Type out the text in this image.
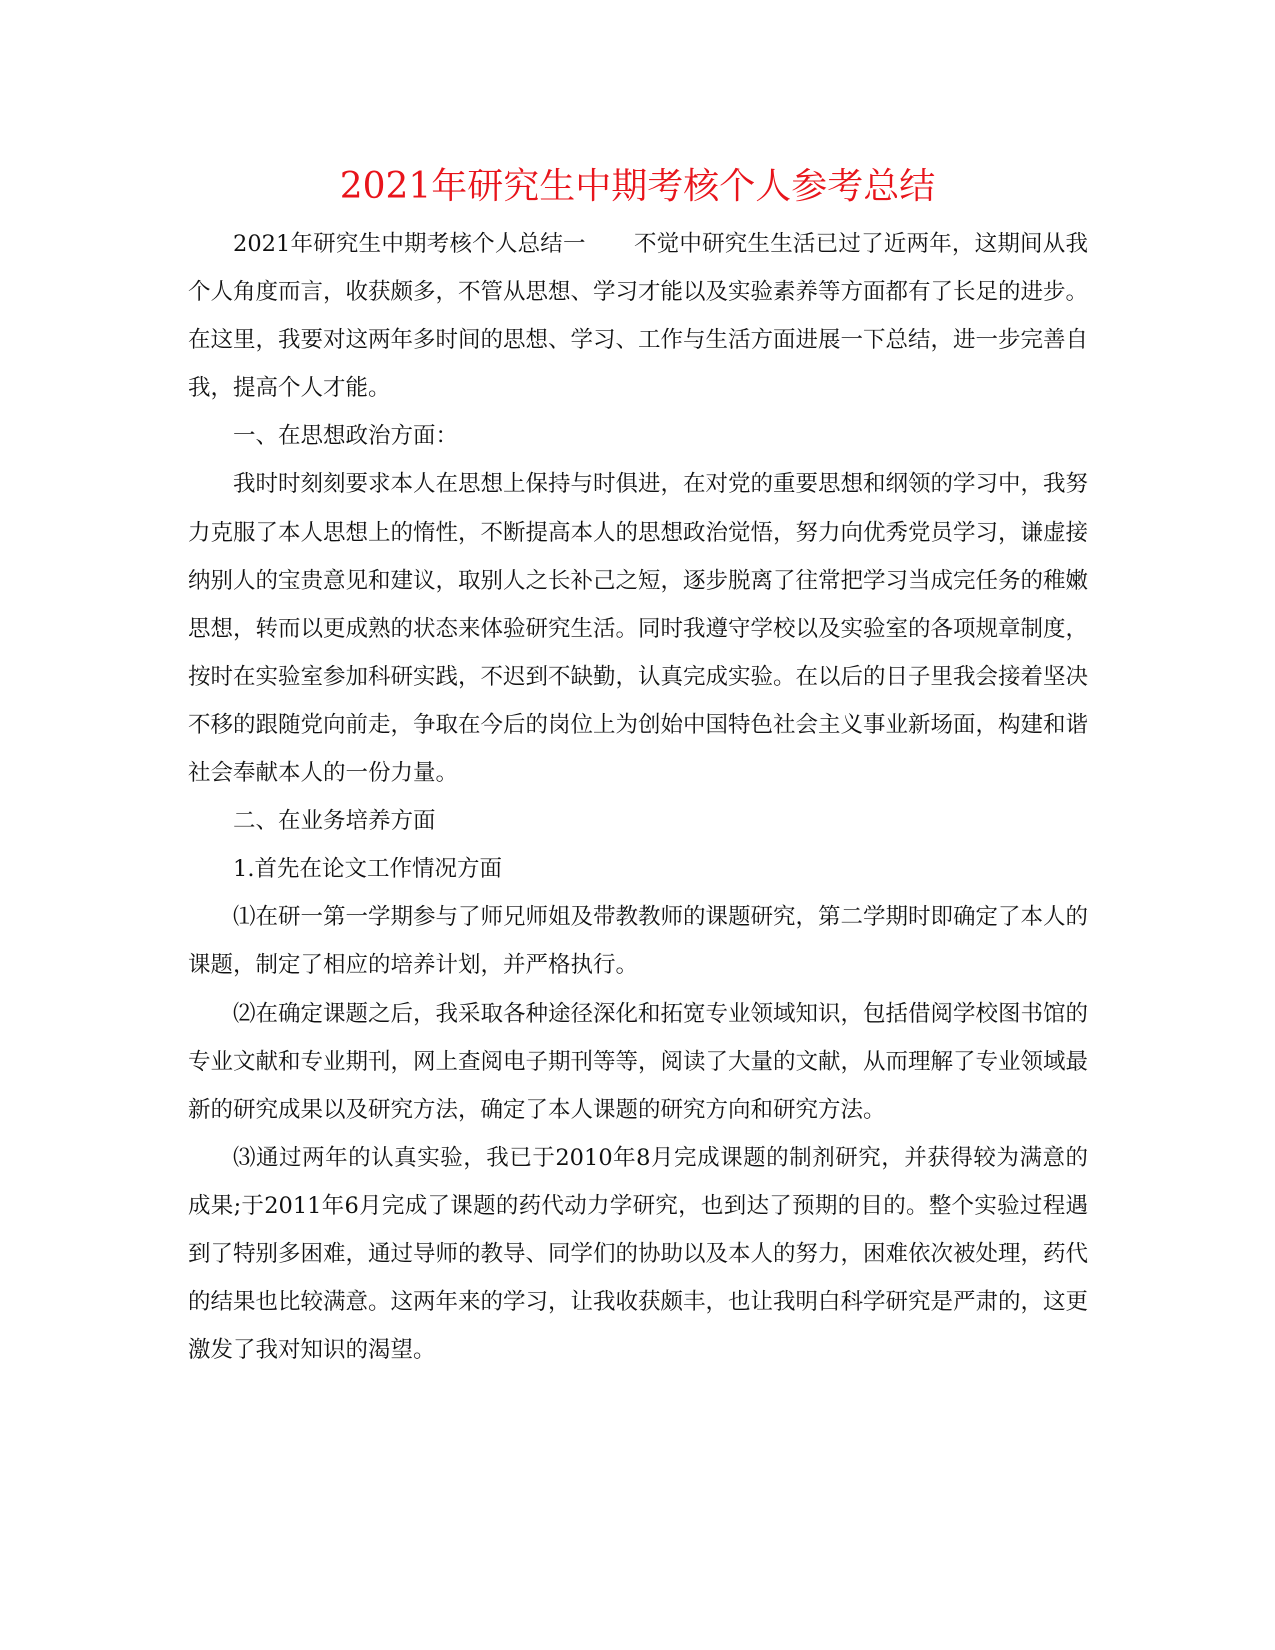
2021年研究生中期考核个人参考总结

2021年研究生中期考核个人总结一 不觉中研究生生活已过了近两年，这期间从我个人角度而言，收获颇多，不管从思想、学习才能以及实验素养等方面都有了长足的进步。在这里，我要对这两年多时间的思想、学习、工作与生活方面进展一下总结，进一步完善自我，提高个人才能。

一、在思想政治方面：

我时时刻刻要求本人在思想上保持与时俱进，在对党的重要思想和纲领的学习中，我努力克服了本人思想上的惰性，不断提高本人的思想政治觉悟，努力向优秀党员学习，谦虚接纳别人的宝贵意见和建议，取别人之长补己之短，逐步脱离了往常把学习当成完任务的稚嫩思想，转而以更成熟的状态来体验研究生活。同时我遵守学校以及实验室的各项规章制度，按时在实验室参加科研实践，不迟到不缺勤，认真完成实验。在以后的日子里我会接着坚决不移的跟随党向前走，争取在今后的岗位上为创始中国特色社会主义事业新场面，构建和谐社会奉献本人的一份力量。

二、在业务培养方面

1.首先在论文工作情况方面

⑴在研一第一学期参与了师兄师姐及带教教师的课题研究，第二学期时即确定了本人的课题，制定了相应的培养计划，并严格执行。

⑵在确定课题之后，我采取各种途径深化和拓宽专业领域知识，包括借阅学校图书馆的专业文献和专业期刊，网上查阅电子期刊等等，阅读了大量的文献，从而理解了专业领域最新的研究成果以及研究方法，确定了本人课题的研究方向和研究方法。

⑶通过两年的认真实验，我已于2010年8月完成课题的制剂研究，并获得较为满意的成果;于2011年6月完成了课题的药代动力学研究，也到达了预期的目的。整个实验过程遇到了特别多困难，通过导师的教导、同学们的协助以及本人的努力，困难依次被处理，药代的结果也比较满意。这两年来的学习，让我收获颇丰，也让我明白科学研究是严肃的，这更激发了我对知识的渴望。
